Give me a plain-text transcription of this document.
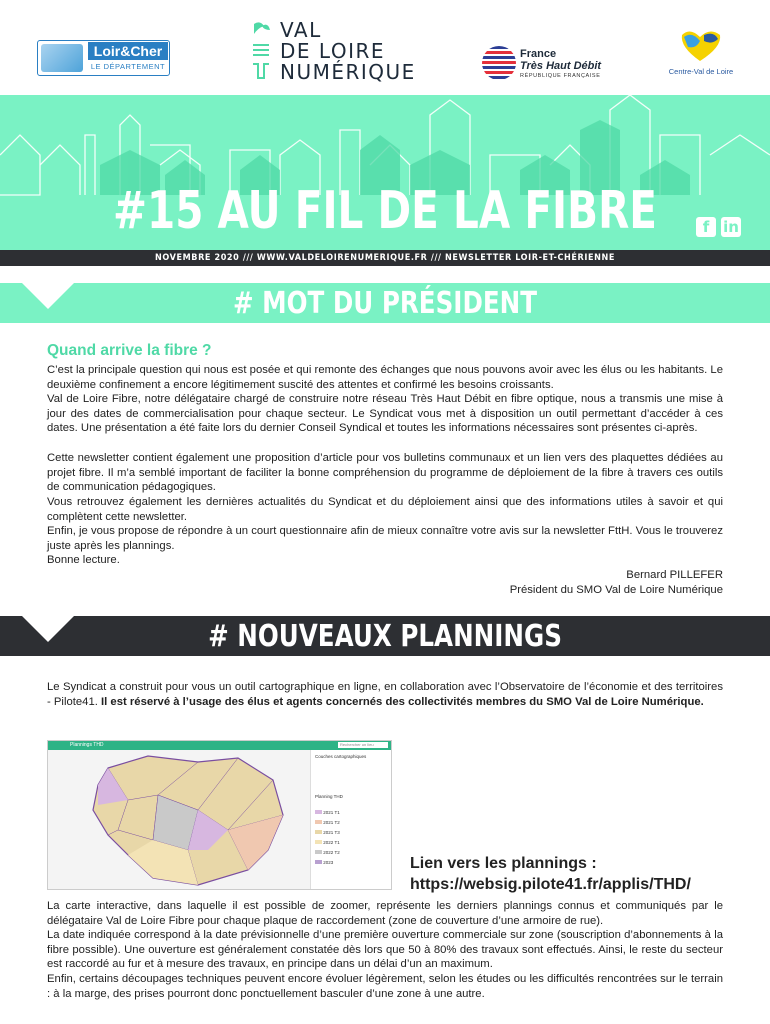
Loir&Cher
LE DÉPARTEMENT
VAL
DE LOIRE
NUMÉRIQUE
France
Très Haut Débit
RÉPUBLIQUE FRANÇAISE	Centre-Val de Loire
#15 AU FIL DE LA FIBRE	f in
NOVEMBRE 2020 /// WWW.VALDELOIRENUMERIQUE.FR /// NEWSLETTER LOIR-ET-CHÉRIENNE
# MOT DU PRÉSIDENT
Quand arrive la fibre ?
C’est la principale question qui nous est posée et qui remonte des échanges que nous pouvons avoir avec les élus ou les habitants. Le deuxième confinement a encore légitimement suscité des attentes et confirmé les besoins croissants.
Val de Loire Fibre, notre délégataire chargé de construire notre réseau Très Haut Débit en fibre optique, nous a transmis une mise à jour des dates de commercialisation pour chaque secteur. Le Syndicat vous met à disposition un outil permettant d’accéder à ces dates. Une présentation a été faite lors du dernier Conseil Syndical et toutes les informations nécessaires sont présentes ci-après.
Cette newsletter contient également une proposition d’article pour vos bulletins communaux et un lien vers des plaquettes dédiées au projet fibre. Il m’a semblé important de faciliter la bonne compréhension du programme de déploiement de la fibre à travers ces outils de communication pédagogiques.
Vous retrouvez également les dernières actualités du Syndicat et du déploiement ainsi que des informations utiles à savoir et qui complètent cette newsletter.
Enfin, je vous propose de répondre à un court questionnaire afin de mieux connaître votre avis sur la newsletter FttH. Vous le trouverez juste après les plannings.
Bonne lecture.
Bernard PILLEFER
Président du SMO Val de Loire Numérique
# NOUVEAUX PLANNINGS
Le Syndicat a construit pour vous un outil cartographique en ligne, en collaboration avec l’Observatoire de l’économie et des territoires - Pilote41. Il est réservé à l’usage des élus et agents concernés des collectivités membres du SMO Val de Loire Numérique.
Plannings THD	Rechercher un lieu
Couches cartographiques
Planning THD
2021 T1
2021 T2
2021 T3
2022 T1
2022 T2
2023	Lien vers les plannings :
https://websig.pilote41.fr/applis/THD/
La carte interactive, dans laquelle il est possible de zoomer, représente les derniers plannings connus et communiqués par le délégataire Val de Loire Fibre pour chaque plaque de raccordement (zone de couverture d’une armoire de rue).
La date indiquée correspond à la date prévisionnelle d’une première ouverture commerciale sur zone (souscription d’abonnements à la fibre possible). Une ouverture est généralement constatée dès lors que 50 à 80% des travaux sont effectués. Ainsi, le reste du secteur est raccordé au fur et à mesure des travaux, en principe dans un délai d’un an maximum.
Enfin, certains découpages techniques peuvent encore évoluer légèrement, selon les études ou les difficultés rencontrées sur le terrain : à la marge, des prises pourront donc ponctuellement basculer d’une zone à une autre.
